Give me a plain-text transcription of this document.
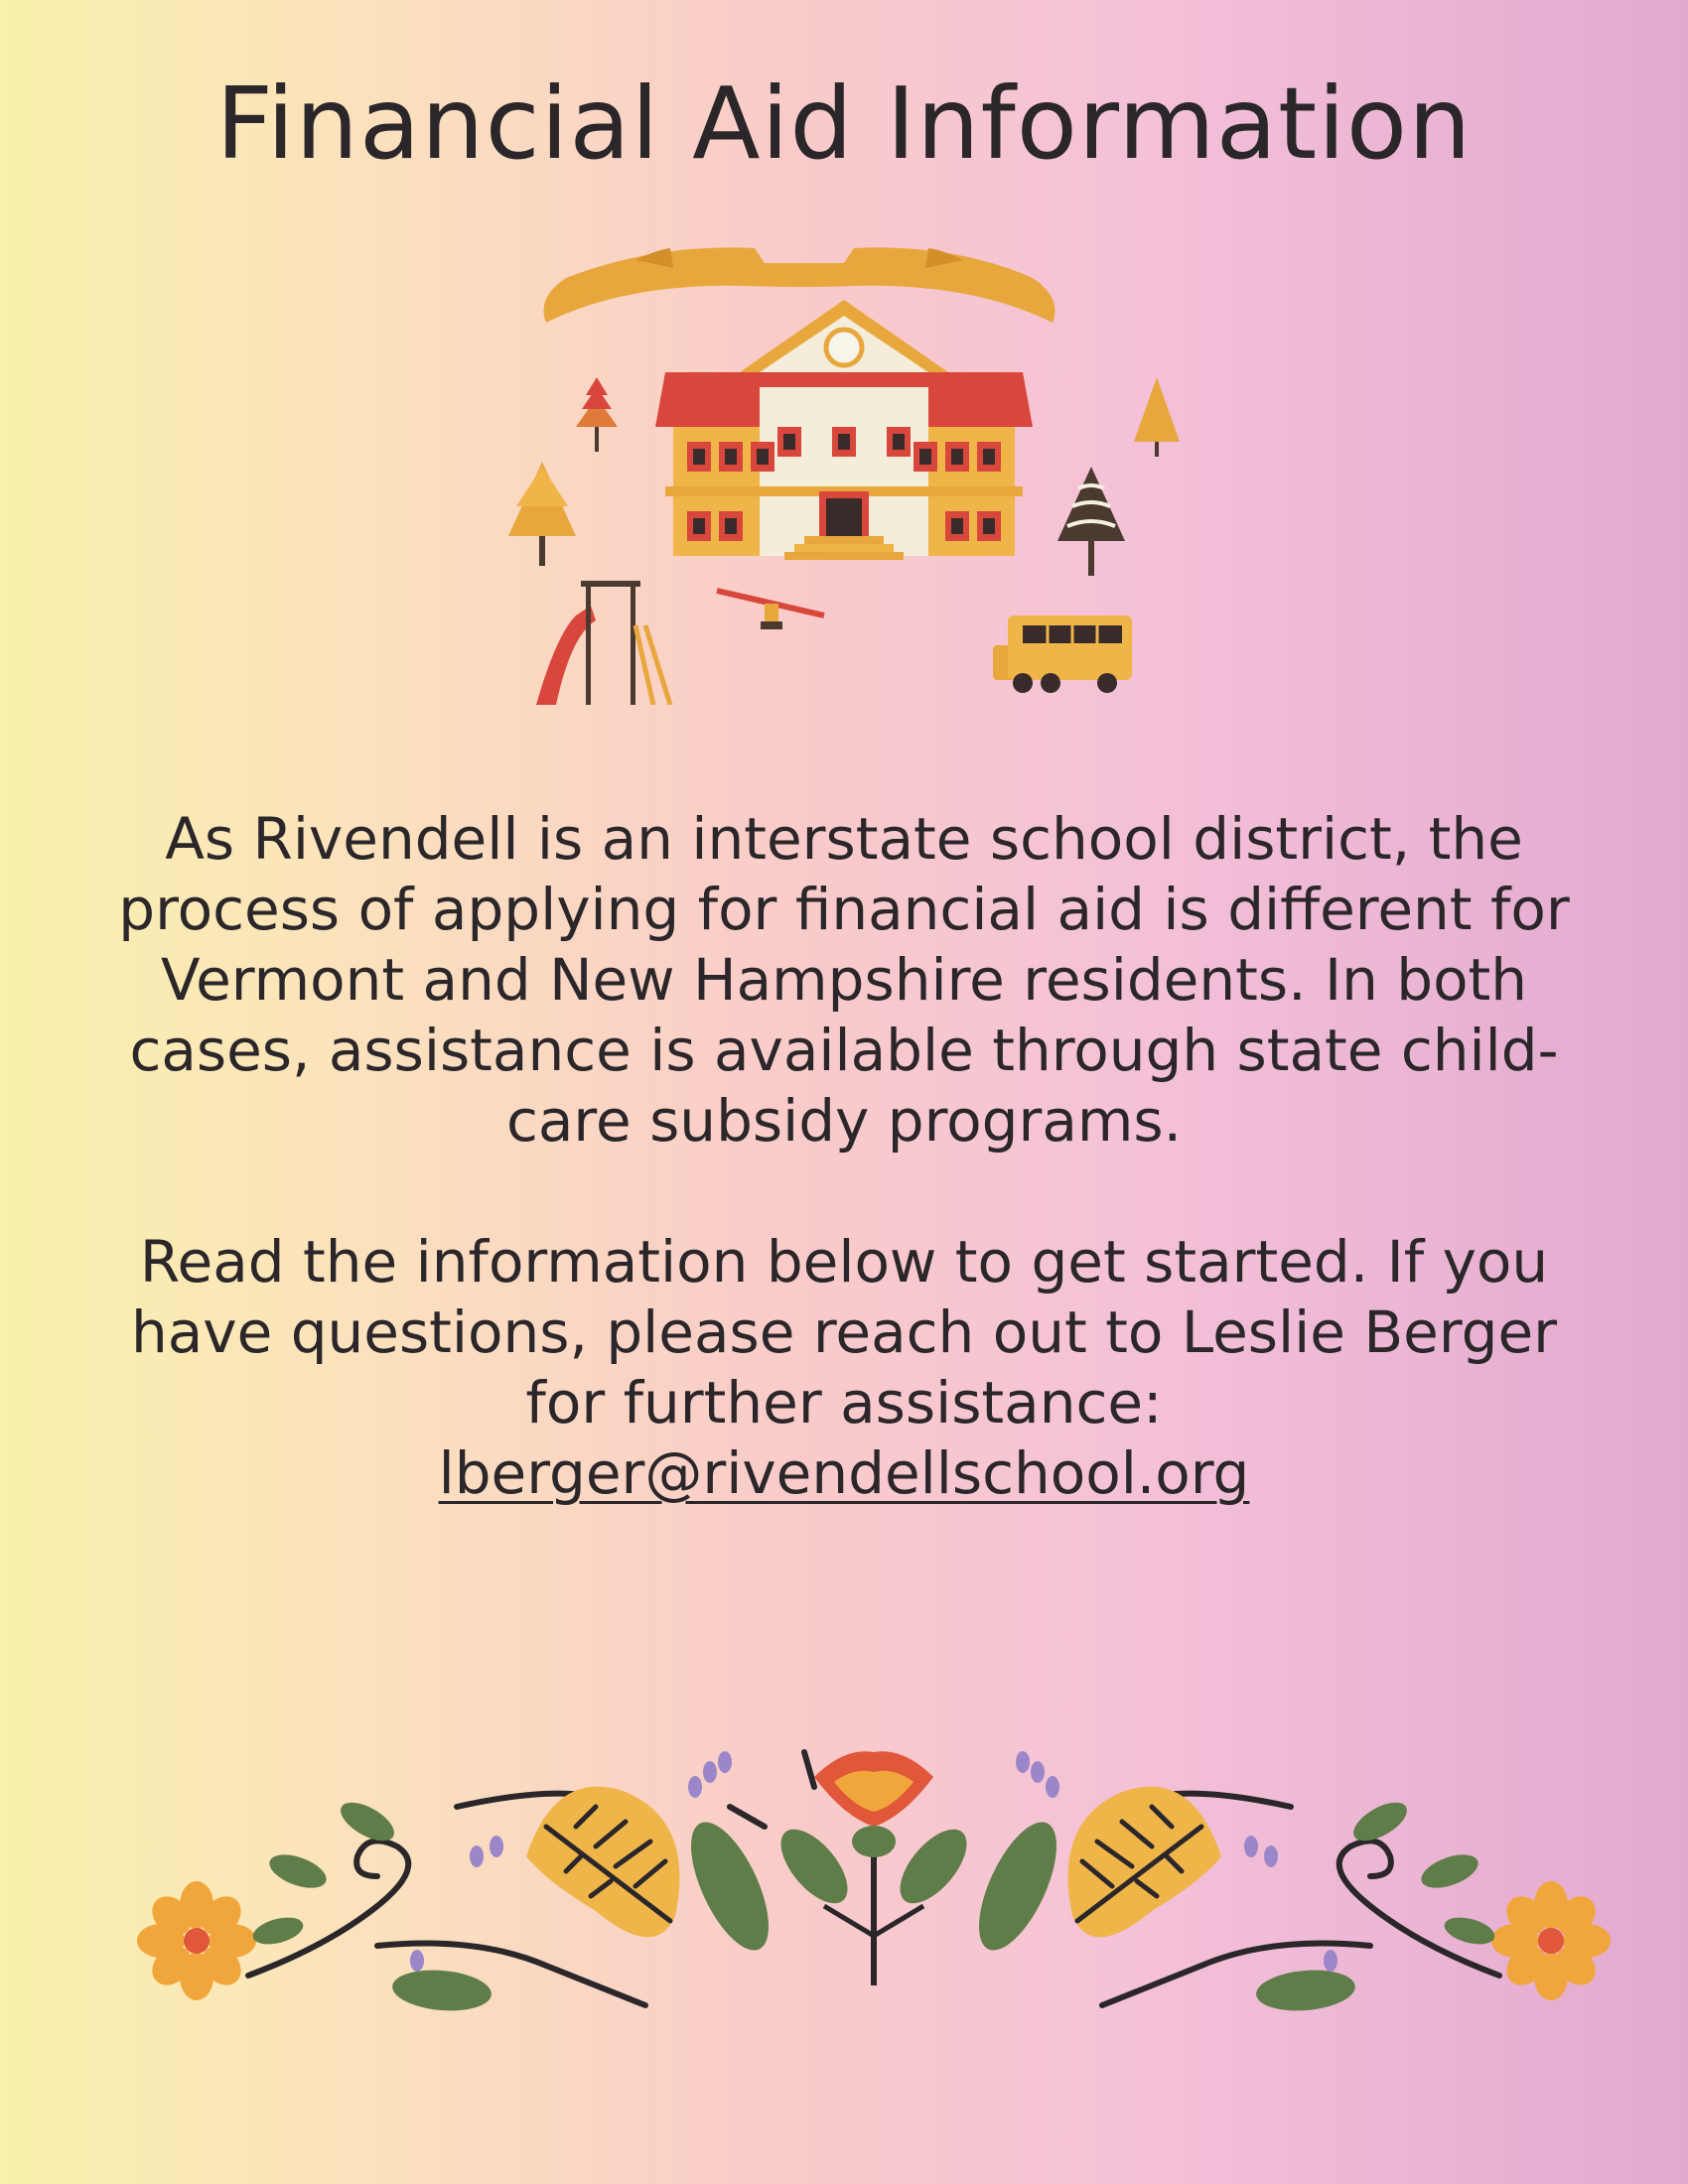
Financial Aid Information

As Rivendell is an interstate school district, the process of applying for financial aid is different for Vermont and New Hampshire residents. In both cases, assistance is available through state child-care subsidy programs.

Read the information below to get started. If you have questions, please reach out to Leslie Berger for further assistance:
lberger@rivendellschool.org
